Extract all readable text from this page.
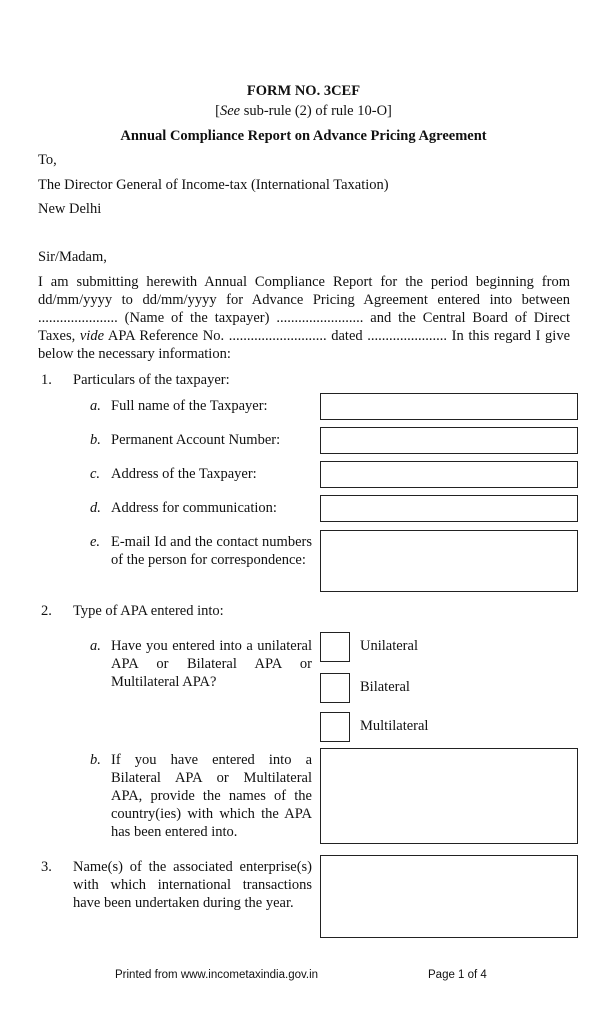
FORM NO. 3CEF
[See sub-rule (2) of rule 10-O]
Annual Compliance Report on Advance Pricing Agreement
To,
The Director General of Income-tax (International Taxation)
New Delhi
Sir/Madam,
I am submitting herewith Annual Compliance Report for the period beginning from dd/mm/yyyy to dd/mm/yyyy for Advance Pricing Agreement entered into between ...................... (Name of the taxpayer) ........................ and the Central Board of Direct Taxes, vide APA Reference No. ........................... dated ...................... In this regard I give below the necessary information:
1. Particulars of the taxpayer:
a. Full name of the Taxpayer:
b. Permanent Account Number:
c. Address of the Taxpayer:
d. Address for communication:
e. E-mail Id and the contact numbers of the person for correspondence:
2. Type of APA entered into:
a. Have you entered into a unilateral APA or Bilateral APA or Multilateral APA?
Unilateral
Bilateral
Multilateral
b. If you have entered into a Bilateral APA or Multilateral APA, provide the names of the country(ies) with which the APA has been entered into.
3. Name(s) of the associated enterprise(s) with which international transactions have been undertaken during the year.
Printed from www.incometaxindia.gov.in	Page 1 of 4
